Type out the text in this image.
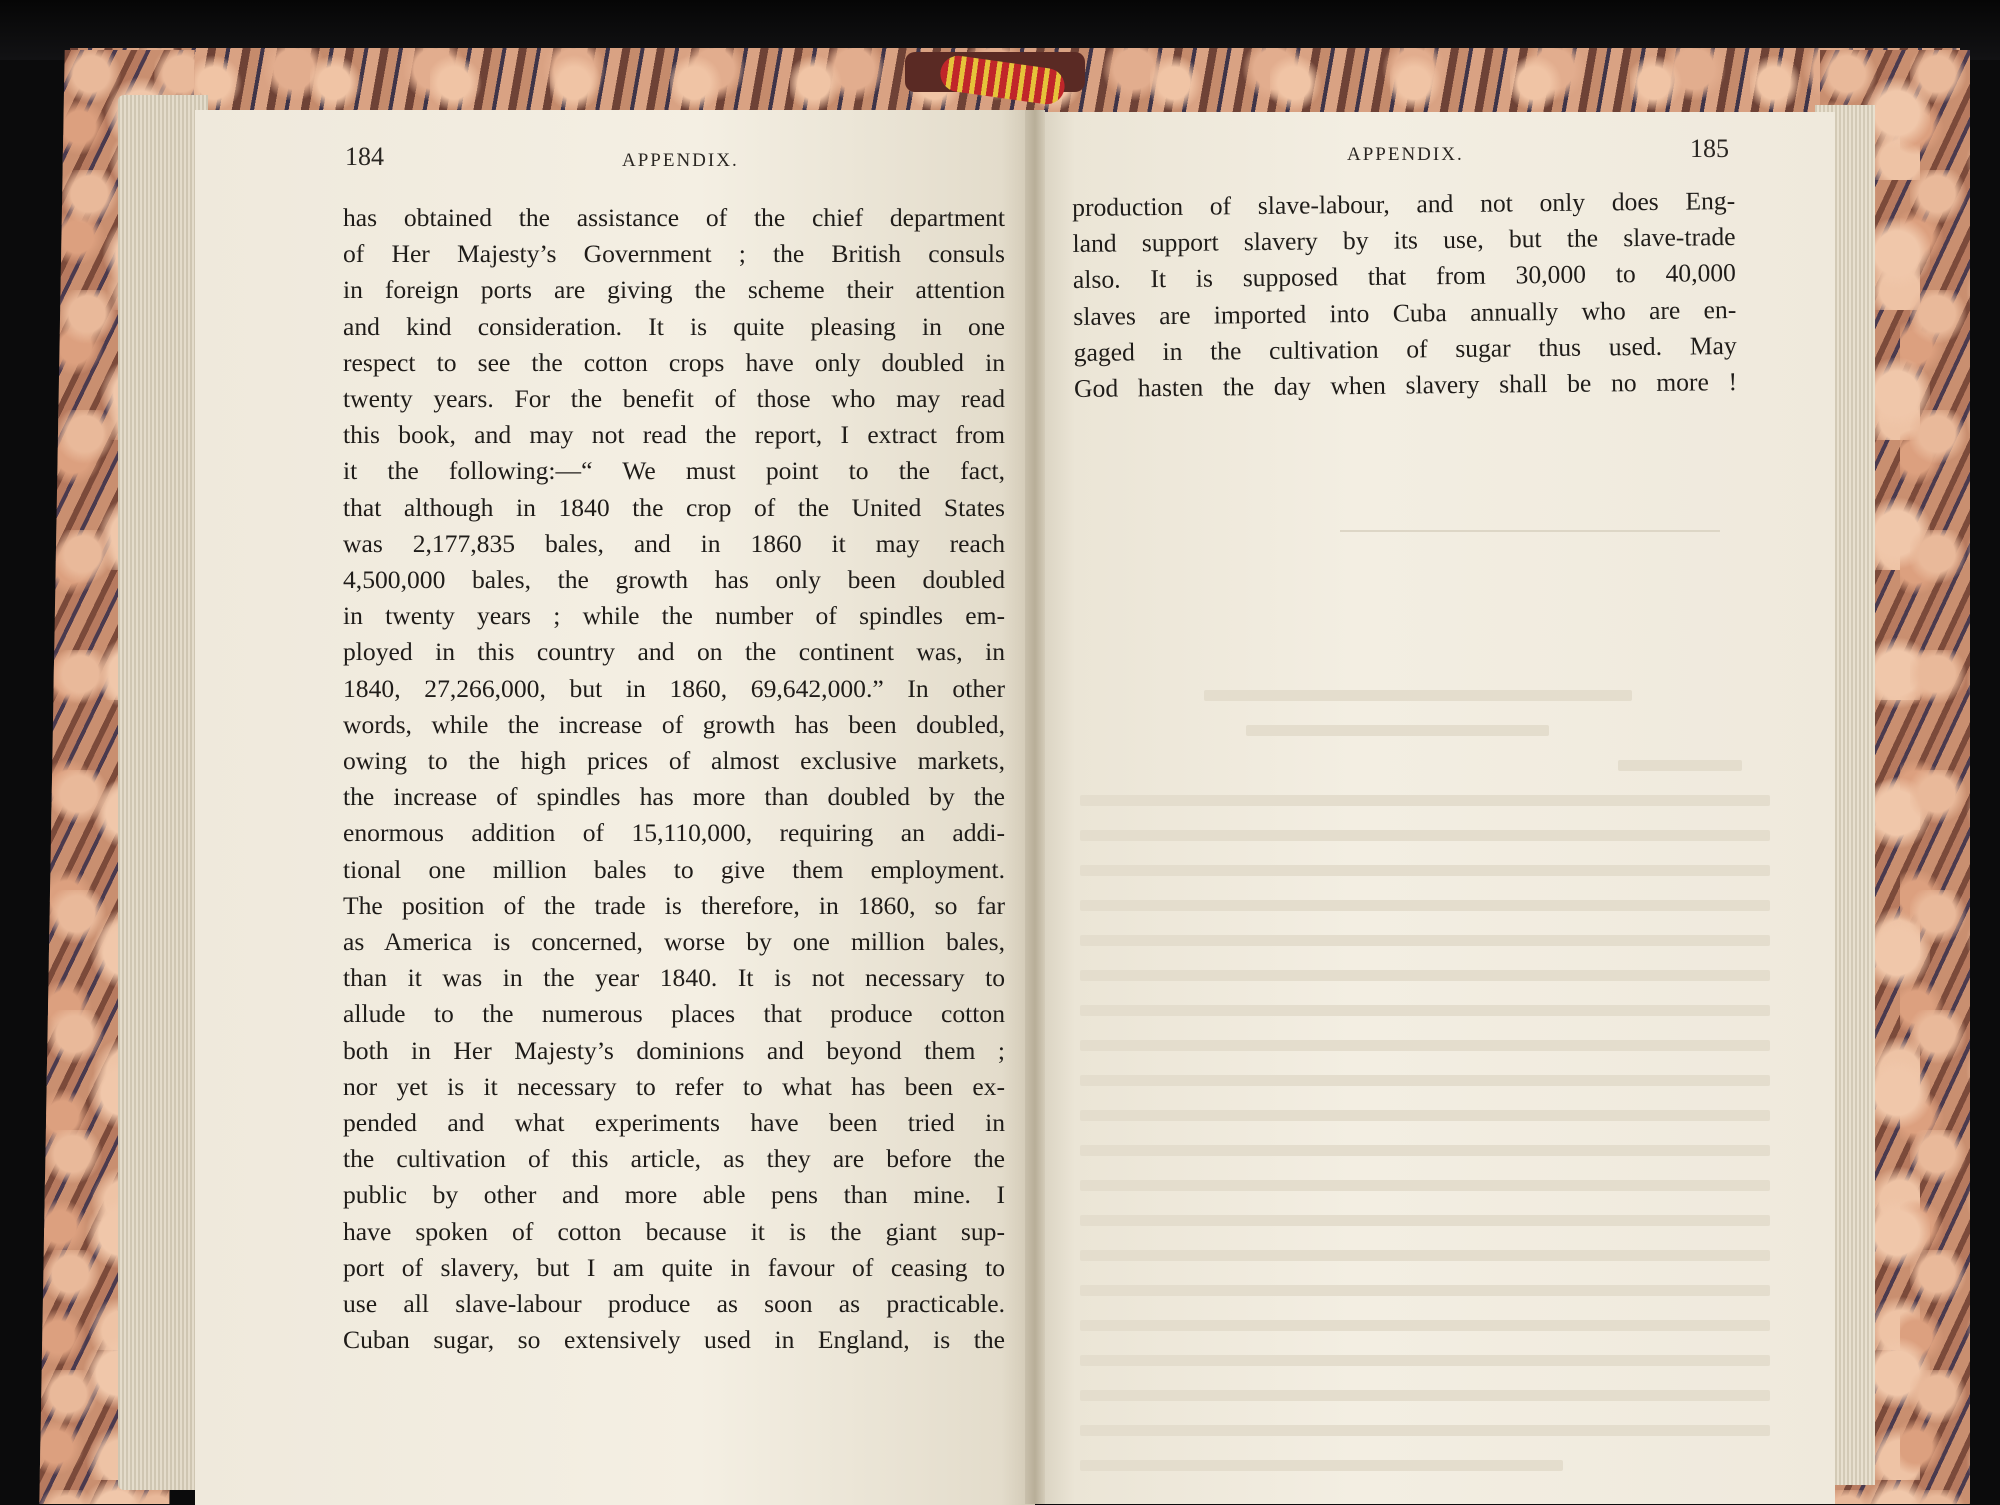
184	APPENDIX.	APPENDIX.	185
has obtained the assistance of the chief department
of Her Majesty’s Government ; the British consuls
in foreign ports are giving the scheme their attention
and kind consideration. It is quite pleasing in one
respect to see the cotton crops have only doubled in
twenty years. For the benefit of those who may read
this book, and may not read the report, I extract from
it the following:—“ We must point to the fact,
that although in 1840 the crop of the United States
was 2,177,835 bales, and in 1860 it may reach
4,500,000 bales, the growth has only been doubled
in twenty years ; while the number of spindles em-
ployed in this country and on the continent was, in
1840, 27,266,000, but in 1860, 69,642,000.” In other
words, while the increase of growth has been doubled,
owing to the high prices of almost exclusive markets,
the increase of spindles has more than doubled by the
enormous addition of 15,110,000, requiring an addi-
tional one million bales to give them employment.
The position of the trade is therefore, in 1860, so far
as America is concerned, worse by one million bales,
than it was in the year 1840. It is not necessary to
allude to the numerous places that produce cotton
both in Her Majesty’s dominions and beyond them ;
nor yet is it necessary to refer to what has been ex-
pended and what experiments have been tried in
the cultivation of this article, as they are before the
public by other and more able pens than mine. I
have spoken of cotton because it is the giant sup-
port of slavery, but I am quite in favour of ceasing to
use all slave-labour produce as soon as practicable.
Cuban sugar, so extensively used in England, is the
production of slave-labour, and not only does Eng-
land support slavery by its use, but the slave-trade
also. It is supposed that from 30,000 to 40,000
slaves are imported into Cuba annually who are en-
gaged in the cultivation of sugar thus used. May
God hasten the day when slavery shall be no more !
